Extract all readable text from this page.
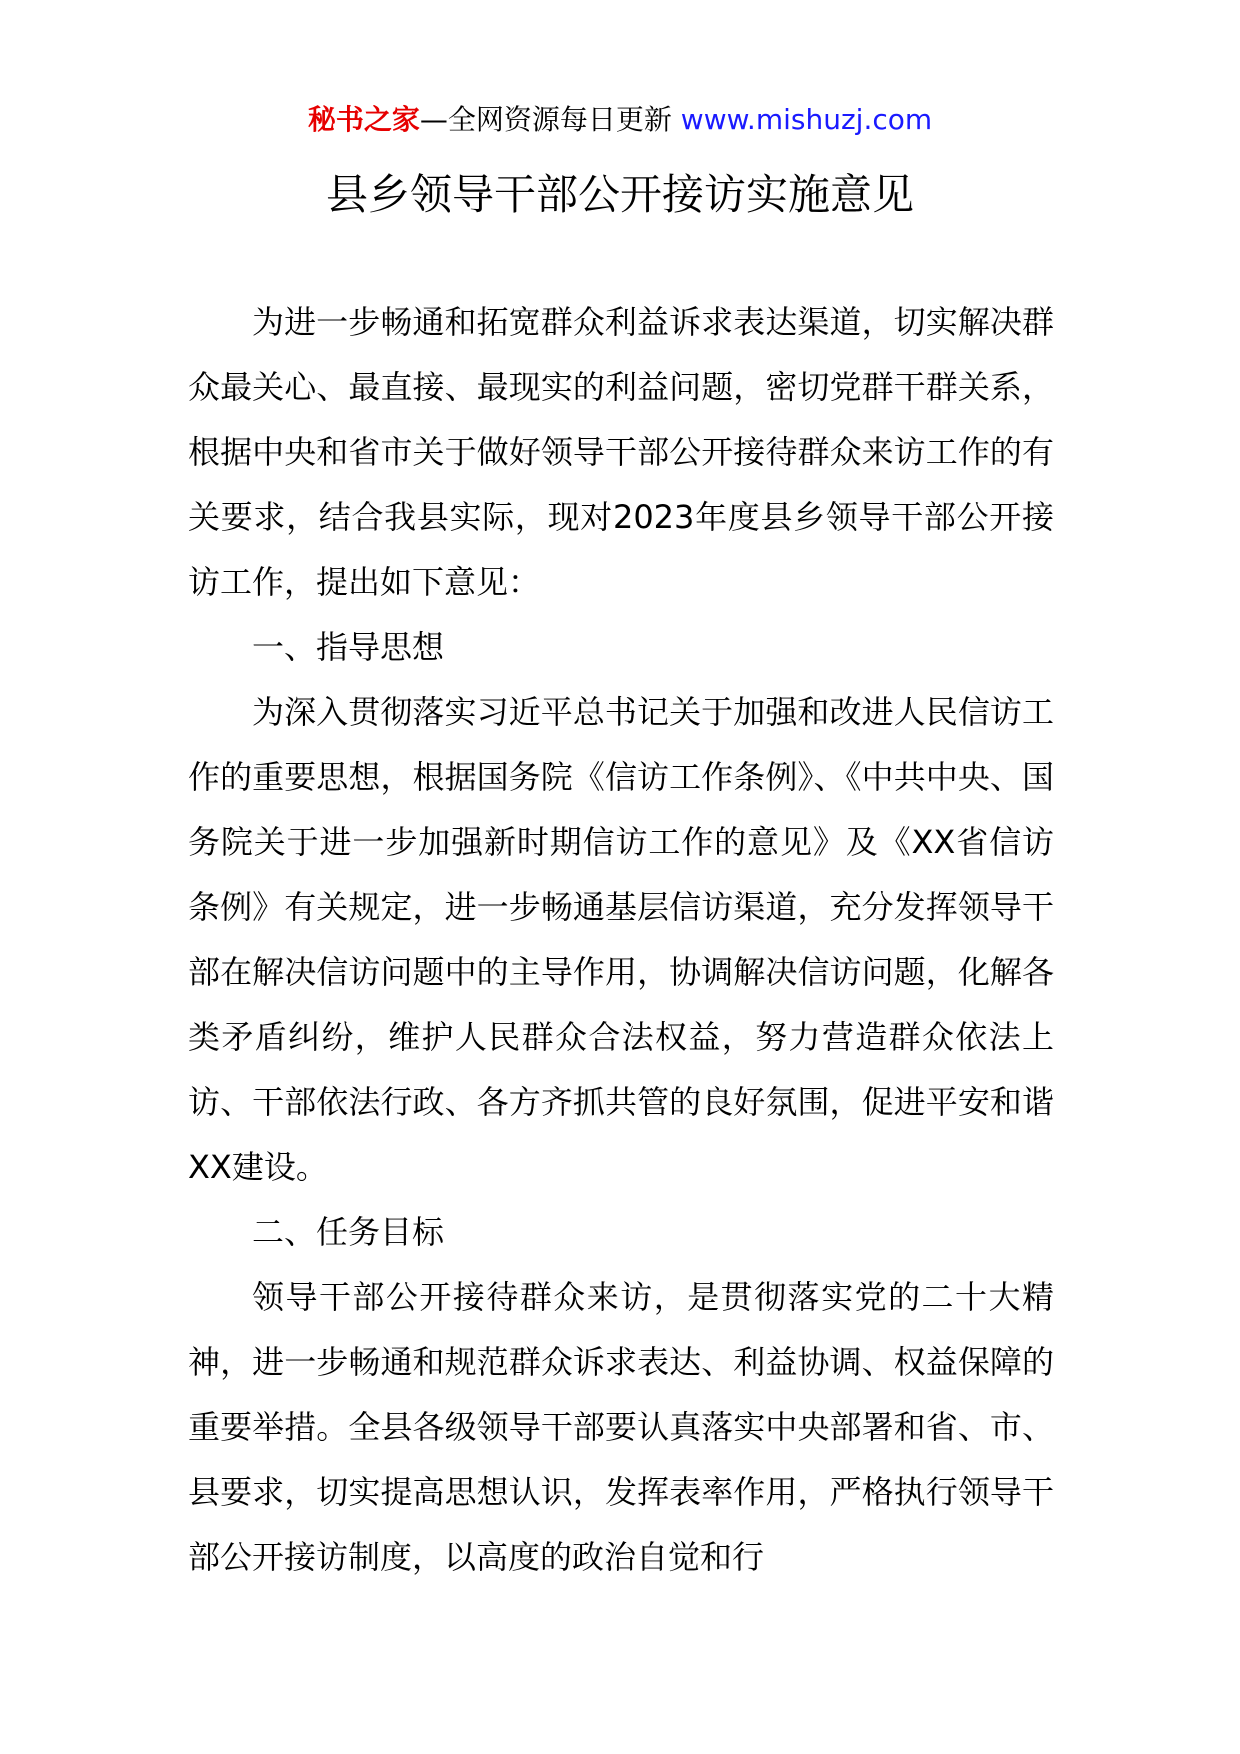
秘书之家—全网资源每日更新 www.mishuzj.com
县乡领导干部公开接访实施意见

为进一步畅通和拓宽群众利益诉求表达渠道，切实解决群众最关心、最直接、最现实的利益问题，密切党群干群关系，根据中央和省市关于做好领导干部公开接待群众来访工作的有关要求，结合我县实际，现对2023年度县乡领导干部公开接访工作，提出如下意见：

一、指导思想

为深入贯彻落实习近平总书记关于加强和改进人民信访工作的重要思想，根据国务院《信访工作条例》、《中共中央、国务院关于进一步加强新时期信访工作的意见》及《XX省信访条例》有关规定，进一步畅通基层信访渠道，充分发挥领导干部在解决信访问题中的主导作用，协调解决信访问题，化解各类矛盾纠纷，维护人民群众合法权益，努力营造群众依法上访、干部依法行政、各方齐抓共管的良好氛围，促进平安和谐XX建设。

二、任务目标

领导干部公开接待群众来访，是贯彻落实党的二十大精神，进一步畅通和规范群众诉求表达、利益协调、权益保障的重要举措。全县各级领导干部要认真落实中央部署和省、市、县要求，切实提高思想认识，发挥表率作用，严格执行领导干部公开接访制度，以高度的政治自觉和行
